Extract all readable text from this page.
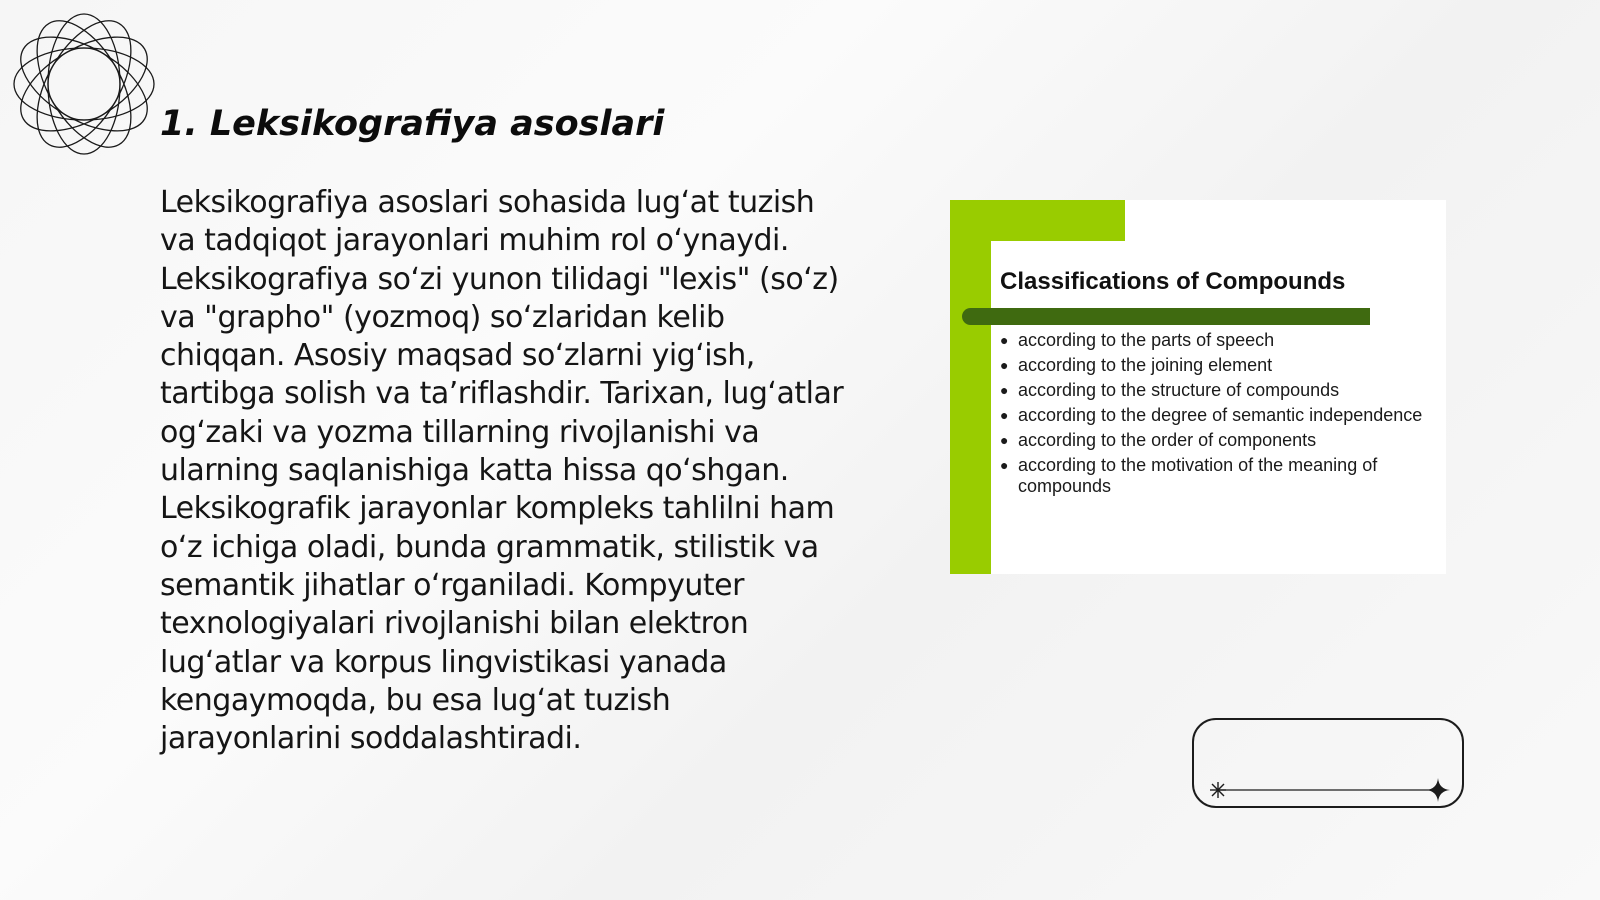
1. Leksikografiya asoslari

Leksikografiya asoslari sohasida lug‘at tuzish va tadqiqot jarayonlari muhim rol o‘ynaydi. Leksikografiya so‘zi yunon tilidagi "lexis" (so‘z) va "grapho" (yozmoq) so‘zlaridan kelib chiqqan. Asosiy maqsad so‘zlarni yig‘ish, tartibga solish va ta’riflashdir. Tarixan, lug‘atlar og‘zaki va yozma tillarning rivojlanishi va ularning saqlanishiga katta hissa qo‘shgan. Leksikografik jarayonlar kompleks tahlilni ham o‘z ichiga oladi, bunda grammatik, stilistik va semantik jihatlar o‘rganiladi. Kompyuter texnologiyalari rivojlanishi bilan elektron lug‘atlar va korpus lingvistikasi yanada kengaymoqda, bu esa lug‘at tuzish jarayonlarini soddalashtiradi.

Classifications of Compounds
● according to the parts of speech
● according to the joining element
● according to the structure of compounds
● according to the degree of semantic independence
● according to the order of components
● according to the motivation of the meaning of compounds
